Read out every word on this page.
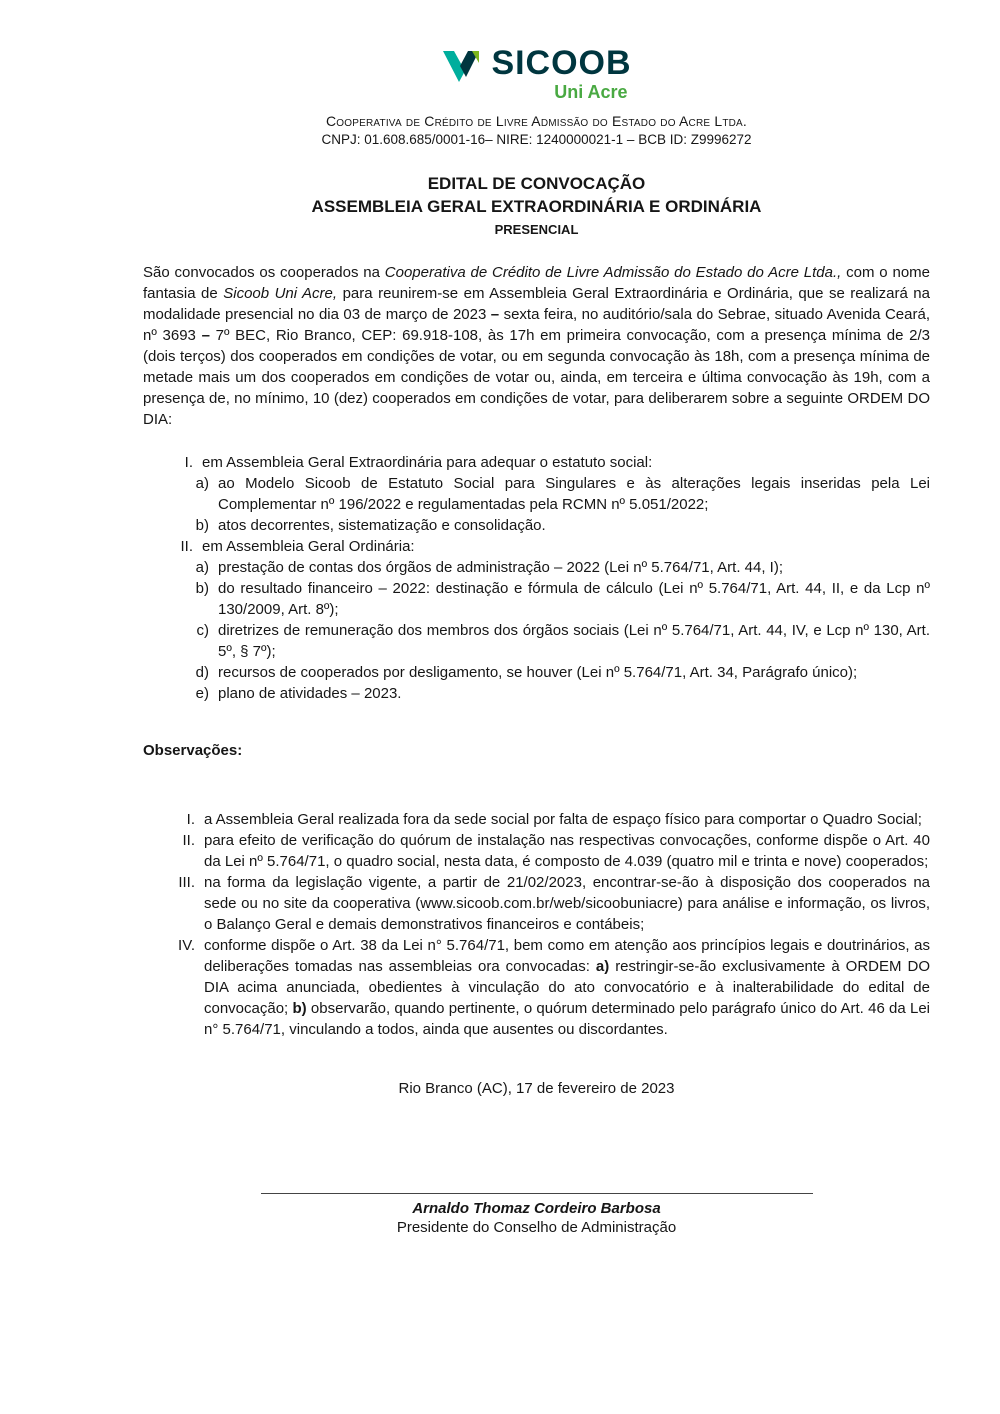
SICOOB
Uni Acre
Cooperativa de Crédito de Livre Admissão do Estado do Acre Ltda.
CNPJ: 01.608.685/0001-16– NIRE: 1240000021-1 – BCB ID: Z9996272
EDITAL DE CONVOCAÇÃO
ASSEMBLEIA GERAL EXTRAORDINÁRIA E ORDINÁRIA
PRESENCIAL

São convocados os cooperados na Cooperativa de Crédito de Livre Admissão do Estado do Acre Ltda., com o nome fantasia de Sicoob Uni Acre, para reunirem-se em Assembleia Geral Extraordinária e Ordinária, que se realizará na modalidade presencial no dia 03 de março de 2023 – sexta feira, no auditório/sala do Sebrae, situado Avenida Ceará, nº 3693 – 7º BEC, Rio Branco, CEP: 69.918-108, às 17h em primeira convocação, com a presença mínima de 2/3 (dois terços) dos cooperados em condições de votar, ou em segunda convocação às 18h, com a presença mínima de metade mais um dos cooperados em condições de votar ou, ainda, em terceira e última convocação às 19h, com a presença de, no mínimo, 10 (dez) cooperados em condições de votar, para deliberarem sobre a seguinte ORDEM DO DIA:

I. em Assembleia Geral Extraordinária para adequar o estatuto social:
a) ao Modelo Sicoob de Estatuto Social para Singulares e às alterações legais inseridas pela Lei Complementar nº 196/2022 e regulamentadas pela RCMN nº 5.051/2022;
b) atos decorrentes, sistematização e consolidação.
II. em Assembleia Geral Ordinária:
a) prestação de contas dos órgãos de administração – 2022 (Lei nº 5.764/71, Art. 44, I);
b) do resultado financeiro – 2022: destinação e fórmula de cálculo (Lei nº 5.764/71, Art. 44, II, e da Lcp nº 130/2009, Art. 8º);
c) diretrizes de remuneração dos membros dos órgãos sociais (Lei nº 5.764/71, Art. 44, IV, e Lcp nº 130, Art. 5º, § 7º);
d) recursos de cooperados por desligamento, se houver (Lei nº 5.764/71, Art. 34, Parágrafo único);
e) plano de atividades – 2023.
Observações:
I. a Assembleia Geral realizada fora da sede social por falta de espaço físico para comportar o Quadro Social;
II. para efeito de verificação do quórum de instalação nas respectivas convocações, conforme dispõe o Art. 40 da Lei nº 5.764/71, o quadro social, nesta data, é composto de 4.039 (quatro mil e trinta e nove) cooperados;
III. na forma da legislação vigente, a partir de 21/02/2023, encontrar-se-ão à disposição dos cooperados na sede ou no site da cooperativa (www.sicoob.com.br/web/sicoobuniacre) para análise e informação, os livros, o Balanço Geral e demais demonstrativos financeiros e contábeis;
IV. conforme dispõe o Art. 38 da Lei n° 5.764/71, bem como em atenção aos princípios legais e doutrinários, as deliberações tomadas nas assembleias ora convocadas: a) restringir-se-ão exclusivamente à ORDEM DO DIA acima anunciada, obedientes à vinculação do ato convocatório e à inalterabilidade do edital de convocação; b) observarão, quando pertinente, o quórum determinado pelo parágrafo único do Art. 46 da Lei n° 5.764/71, vinculando a todos, ainda que ausentes ou discordantes.
Rio Branco (AC), 17 de fevereiro de 2023
Arnaldo Thomaz Cordeiro Barbosa
Presidente do Conselho de Administração
